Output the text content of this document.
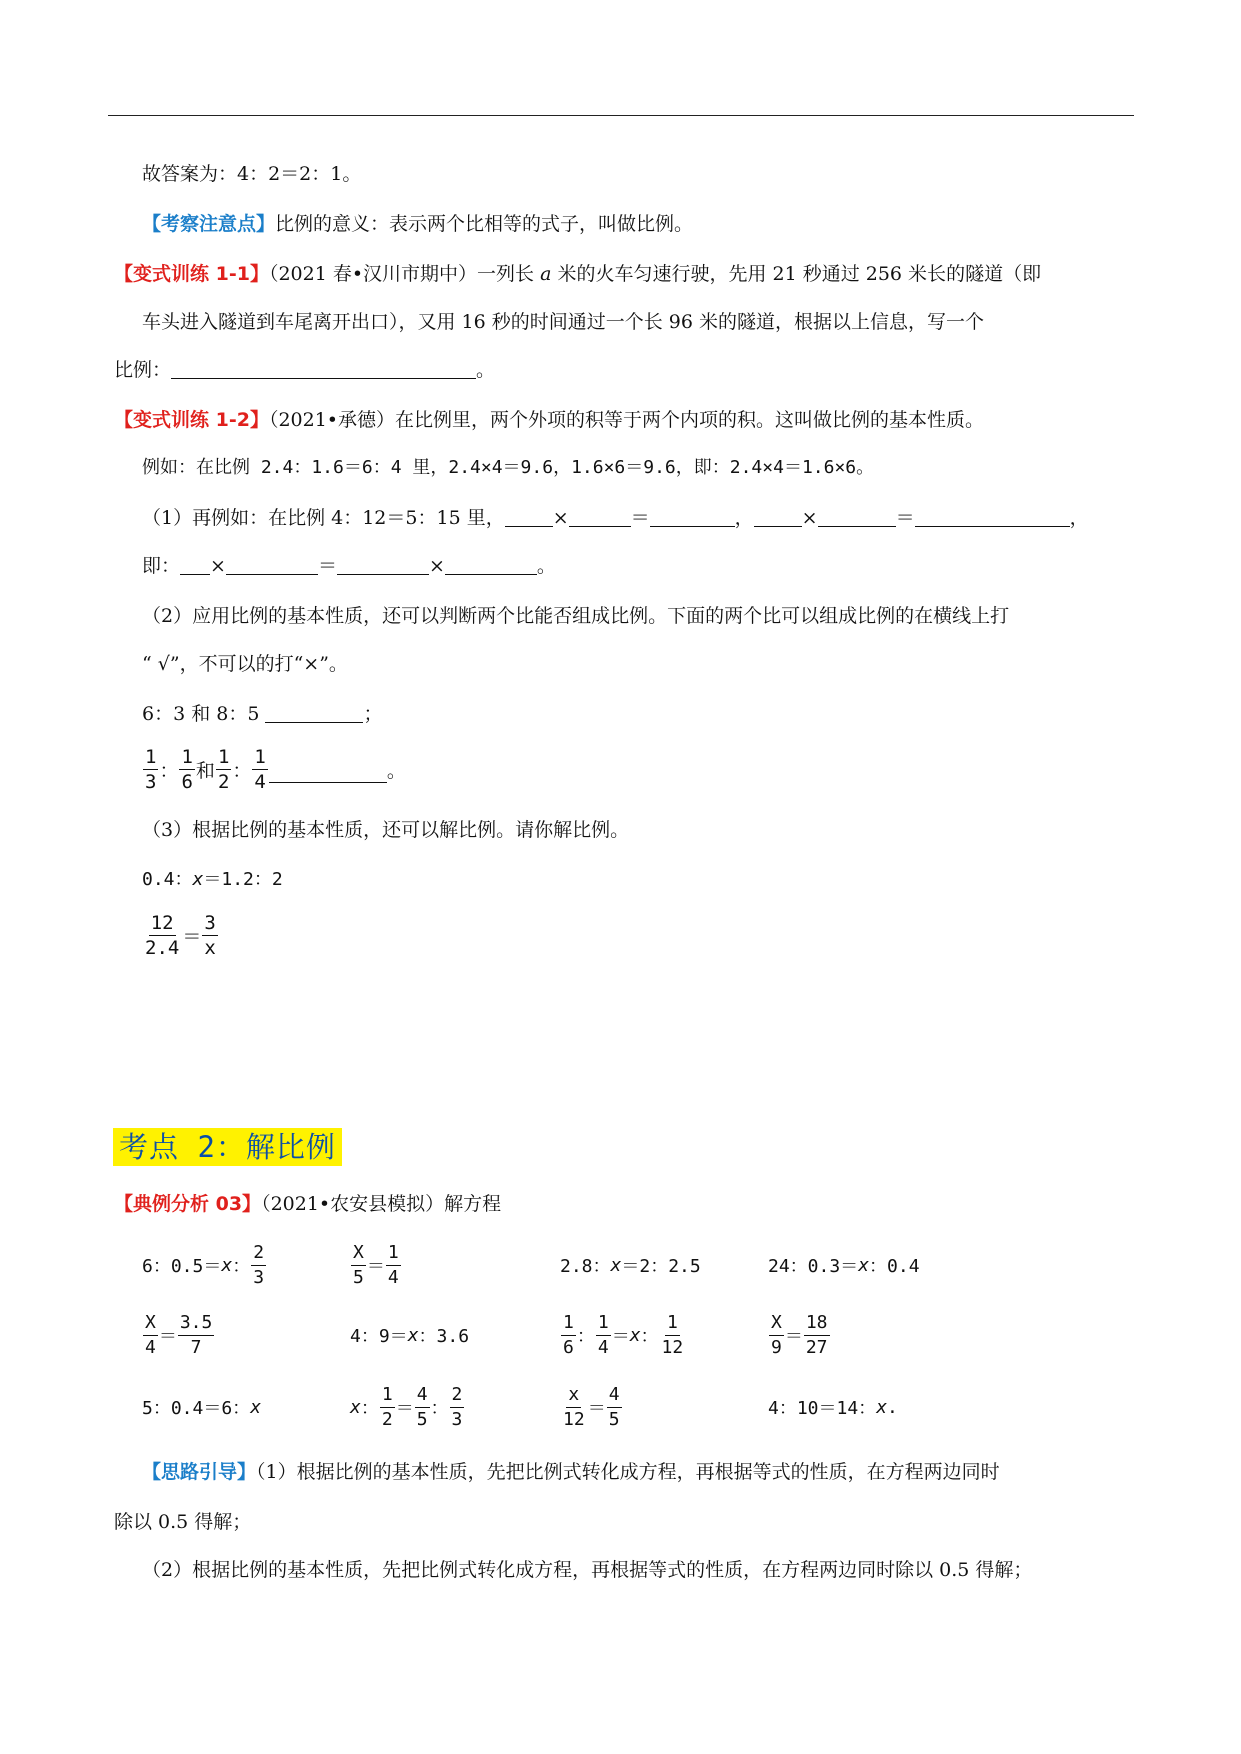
故答案为：4：2＝2：1。
【考察注意点】比例的意义：表示两个比相等的式子，叫做比例。
【变式训练 1-1】（2021 春•汉川市期中）一列长 a 米的火车匀速行驶，先用 21 秒通过 256 米长的隧道（即
车头进入隧道到车尾离开出口），又用 16 秒的时间通过一个长 96 米的隧道，根据以上信息，写一个
比例：	。
【变式训练 1-2】（2021•承德）在比例里，两个外项的积等于两个内项的积。这叫做比例的基本性质。
例如：在比例 2.4：1.6＝6：4 里，2.4×4＝9.6，1.6×6＝9.6，即：2.4×4＝1.6×6。
（1）再例如：在比例 4：12＝5：15 里，	×	＝	，	×	＝	，
即： ×	＝	×	。
（2）应用比例的基本性质，还可以判断两个比能否组成比例。下面的两个比可以组成比例的在横线上打
“ √”，不可以的打“×”。
6：3 和 8：5	；
$\frac{1}{3}$ ： $\frac{1}{6}$ 和 $\frac{1}{2}$ ： $\frac{1}{4}$	。
（3）根据比例的基本性质，还可以解比例。请你解比例。
0.4：x＝1.2：2
$\frac{12}{2.4} = \frac{3}{x}$
考点 2：解比例
【典例分析 03】（2021•农安县模拟）解方程
6：0.5＝ x ： $\frac{2}{3}$	$\frac{X}{5} = \frac{1}{4}$	2.8： x ＝2：2.5	24：0.3＝ x ：0.4
$\frac{X}{4} = \frac{3.5}{7}$	4：9＝ x ：3.6	$\frac{1}{6}$ ： $\frac{1}{4} = x$ ： $\frac{1}{12}$	$\frac{X}{9} = \frac{18}{27}$
5：0.4＝6： x	x ： $\frac{1}{2} = \frac{4}{5}$ ： $\frac{2}{3}$	$\frac{x}{12} = \frac{4}{5}$	4：10＝14： x .
【思路引导】（1）根据比例的基本性质，先把比例式转化成方程，再根据等式的性质，在方程两边同时
除以 0.5 得解；
（2）根据比例的基本性质，先把比例式转化成方程，再根据等式的性质，在方程两边同时除以 0.5 得解；
